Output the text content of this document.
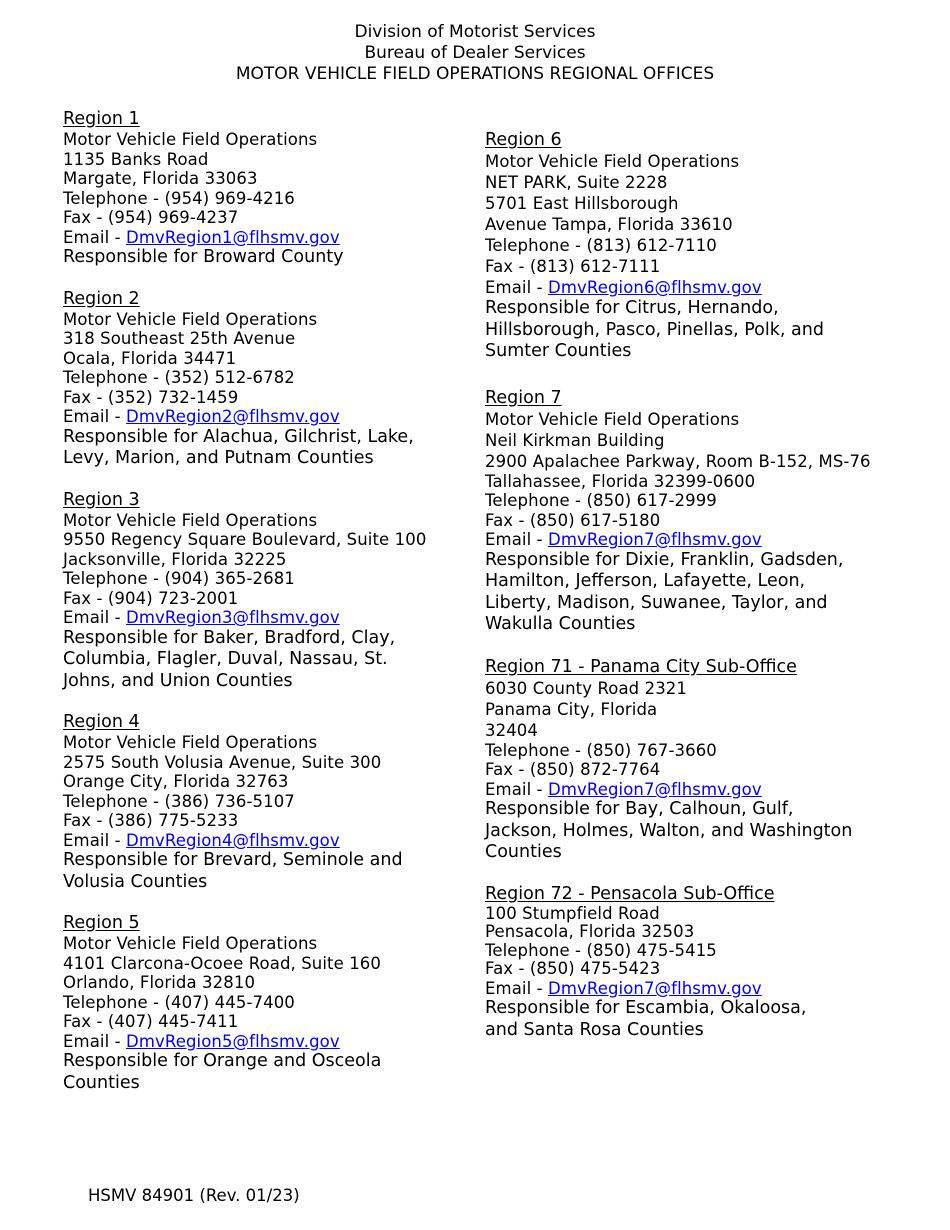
Division of Motorist Services
Bureau of Dealer Services
MOTOR VEHICLE FIELD OPERATIONS REGIONAL OFFICES
Region 1
Motor Vehicle Field Operations
1135 Banks Road
Margate, Florida 33063
Telephone - (954) 969-4216
Fax - (954) 969-4237
Email - DmvRegion1@flhsmv.gov
Responsible for Broward County
Region 2
Motor Vehicle Field Operations
318 Southeast 25th Avenue
Ocala, Florida 34471
Telephone - (352) 512-6782
Fax - (352) 732-1459
Email - DmvRegion2@flhsmv.gov
Responsible for Alachua, Gilchrist, Lake,
Levy, Marion, and Putnam Counties
Region 3
Motor Vehicle Field Operations
9550 Regency Square Boulevard, Suite 100
Jacksonville, Florida 32225
Telephone - (904) 365-2681
Fax - (904) 723-2001
Email - DmvRegion3@flhsmv.gov
Responsible for Baker, Bradford, Clay,
Columbia, Flagler, Duval, Nassau, St.
Johns, and Union Counties
Region 4
Motor Vehicle Field Operations
2575 South Volusia Avenue, Suite 300
Orange City, Florida 32763
Telephone - (386) 736-5107
Fax - (386) 775-5233
Email - DmvRegion4@flhsmv.gov
Responsible for Brevard, Seminole and
Volusia Counties
Region 5
Motor Vehicle Field Operations
4101 Clarcona-Ocoee Road, Suite 160
Orlando, Florida 32810
Telephone - (407) 445-7400
Fax - (407) 445-7411
Email - DmvRegion5@flhsmv.gov
Responsible for Orange and Osceola
Counties
Region 6
Motor Vehicle Field Operations
NET PARK, Suite 2228
5701 East Hillsborough
Avenue Tampa, Florida 33610
Telephone - (813) 612-7110
Fax - (813) 612-7111
Email - DmvRegion6@flhsmv.gov
Responsible for Citrus, Hernando,
Hillsborough, Pasco, Pinellas, Polk, and
Sumter Counties
Region 7
Motor Vehicle Field Operations
Neil Kirkman Building
2900 Apalachee Parkway, Room B-152, MS-76
Tallahassee, Florida 32399-0600
Telephone - (850) 617-2999
Fax - (850) 617-5180
Email - DmvRegion7@flhsmv.gov
Responsible for Dixie, Franklin, Gadsden,
Hamilton, Jefferson, Lafayette, Leon,
Liberty, Madison, Suwanee, Taylor, and
Wakulla Counties
Region 71 - Panama City Sub-Office
6030 County Road 2321
Panama City, Florida
32404
Telephone - (850) 767-3660
Fax - (850) 872-7764
Email - DmvRegion7@flhsmv.gov
Responsible for Bay, Calhoun, Gulf,
Jackson, Holmes, Walton, and Washington
Counties
Region 72 - Pensacola Sub-Office
100 Stumpfield Road
Pensacola, Florida 32503
Telephone - (850) 475-5415
Fax - (850) 475-5423
Email - DmvRegion7@flhsmv.gov
Responsible for Escambia, Okaloosa,
and Santa Rosa Counties
HSMV 84901 (Rev. 01/23)
